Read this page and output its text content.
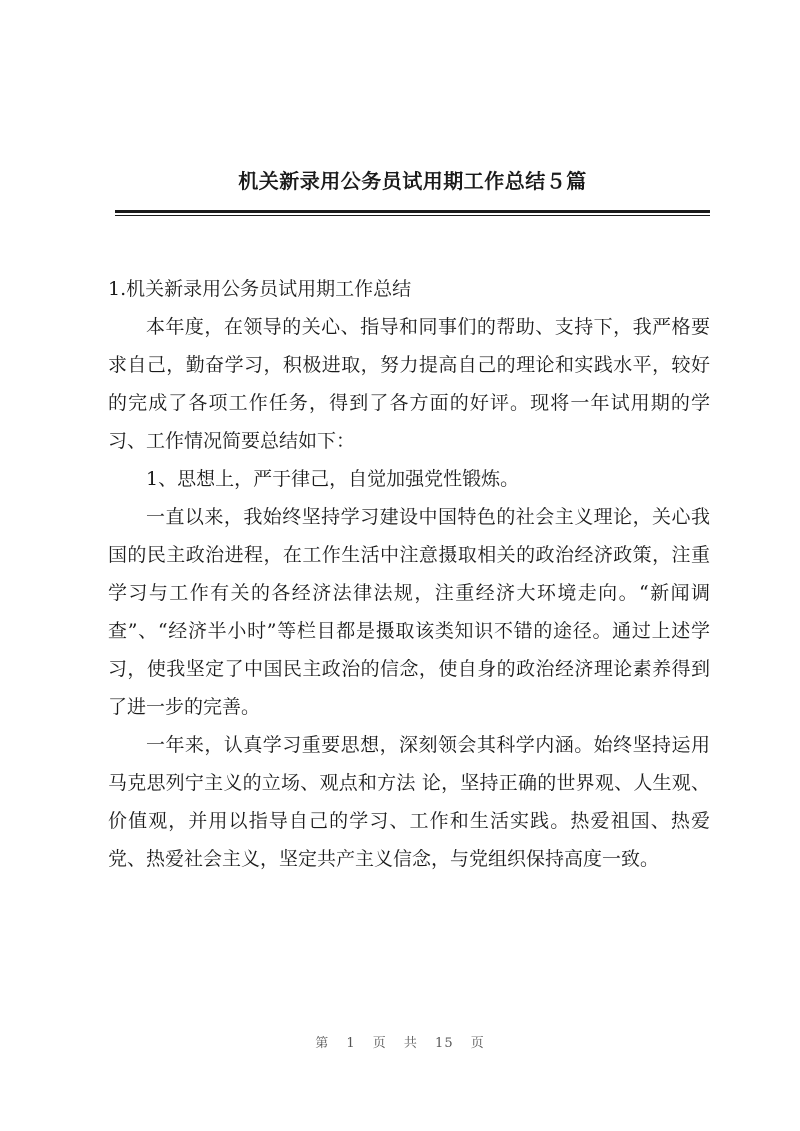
机关新录用公务员试用期工作总结５篇

1.机关新录用公务员试用期工作总结

本年度，在领导的关心、指导和同事们的帮助、支持下，我严格要求自己，勤奋学习，积极进取，努力提高自己的理论和实践水平，较好的完成了各项工作任务，得到了各方面的好评。现将一年试用期的学习、工作情况简要总结如下：

1、思想上，严于律己，自觉加强党性锻炼。

一直以来，我始终坚持学习建设中国特色的社会主义理论，关心我国的民主政治进程，在工作生活中注意摄取相关的政治经济政策，注重学习与工作有关的各经济法律法规，注重经济大环境走向。“新闻调查”、“经济半小时”等栏目都是摄取该类知识不错的途径。通过上述学习，使我坚定了中国民主政治的信念，使自身的政治经济理论素养得到了进一步的完善。

一年来，认真学习重要思想，深刻领会其科学内涵。始终坚持运用马克思列宁主义的立场、观点和方法 论，坚持正确的世界观、人生观、价值观，并用以指导自己的学习、工作和生活实践。热爱祖国、热爱党、热爱社会主义，坚定共产主义信念，与党组织保持高度一致。

第 1 页 共 15 页
